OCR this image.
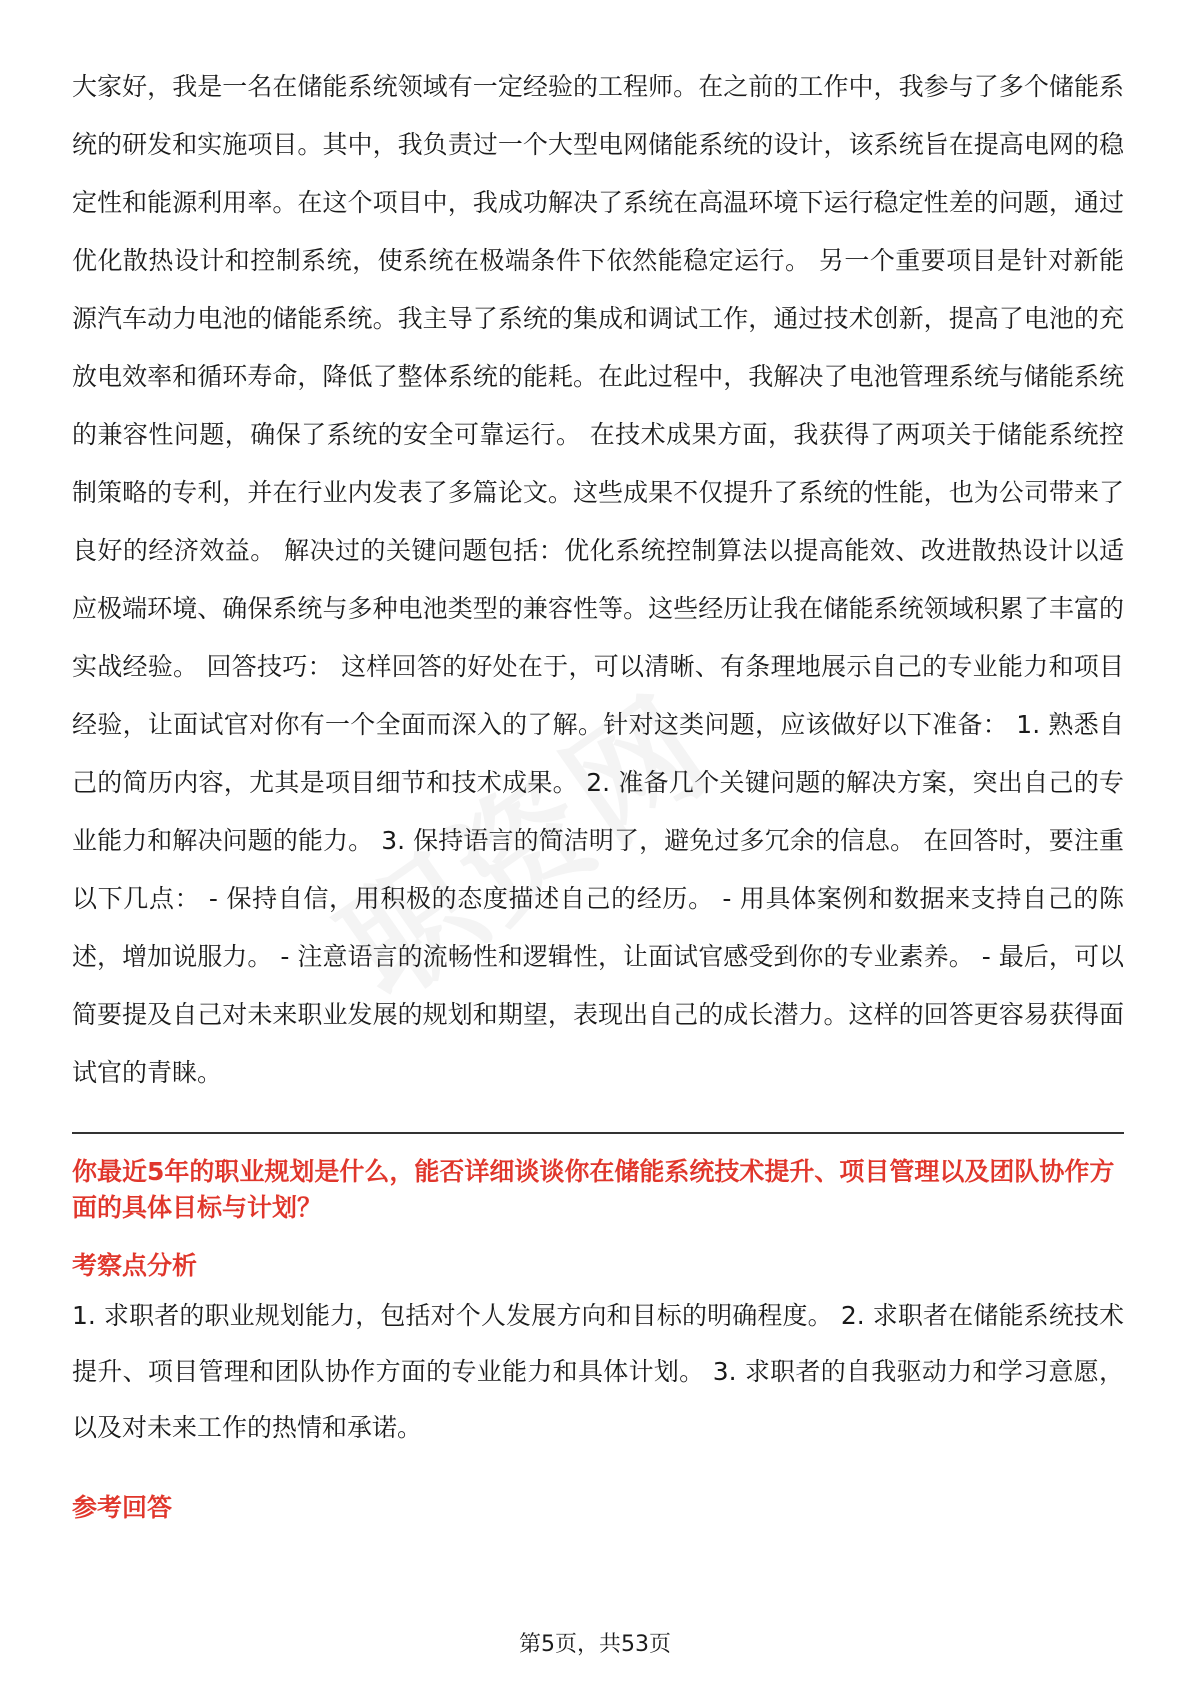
大家好，我是一名在储能系统领域有一定经验的工程师。在之前的工作中，我参与了多个储能系统的研发和实施项目。其中，我负责过一个大型电网储能系统的设计，该系统旨在提高电网的稳定性和能源利用率。在这个项目中，我成功解决了系统在高温环境下运行稳定性差的问题，通过优化散热设计和控制系统，使系统在极端条件下依然能稳定运行。 另一个重要项目是针对新能源汽车动力电池的储能系统。我主导了系统的集成和调试工作，通过技术创新，提高了电池的充放电效率和循环寿命，降低了整体系统的能耗。在此过程中，我解决了电池管理系统与储能系统的兼容性问题，确保了系统的安全可靠运行。 在技术成果方面，我获得了两项关于储能系统控制策略的专利，并在行业内发表了多篇论文。这些成果不仅提升了系统的性能，也为公司带来了良好的经济效益。 解决过的关键问题包括：优化系统控制算法以提高能效、改进散热设计以适应极端环境、确保系统与多种电池类型的兼容性等。这些经历让我在储能系统领域积累了丰富的实战经验。 回答技巧： 这样回答的好处在于，可以清晰、有条理地展示自己的专业能力和项目经验，让面试官对你有一个全面而深入的了解。针对这类问题，应该做好以下准备： 1. 熟悉自己的简历内容，尤其是项目细节和技术成果。 2. 准备几个关键问题的解决方案，突出自己的专业能力和解决问题的能力。 3. 保持语言的简洁明了，避免过多冗余的信息。 在回答时，要注重以下几点： - 保持自信，用积极的态度描述自己的经历。 - 用具体案例和数据来支持自己的陈述，增加说服力。 - 注意语言的流畅性和逻辑性，让面试官感受到你的专业素养。 - 最后，可以简要提及自己对未来职业发展的规划和期望，表现出自己的成长潜力。这样的回答更容易获得面试官的青睐。

你最近5年的职业规划是什么，能否详细谈谈你在储能系统技术提升、项目管理以及团队协作方面的具体目标与计划？

考察点分析

1. 求职者的职业规划能力，包括对个人发展方向和目标的明确程度。 2. 求职者在储能系统技术提升、项目管理和团队协作方面的专业能力和具体计划。 3. 求职者的自我驱动力和学习意愿，以及对未来工作的热情和承诺。

参考回答
第5页，共53页
